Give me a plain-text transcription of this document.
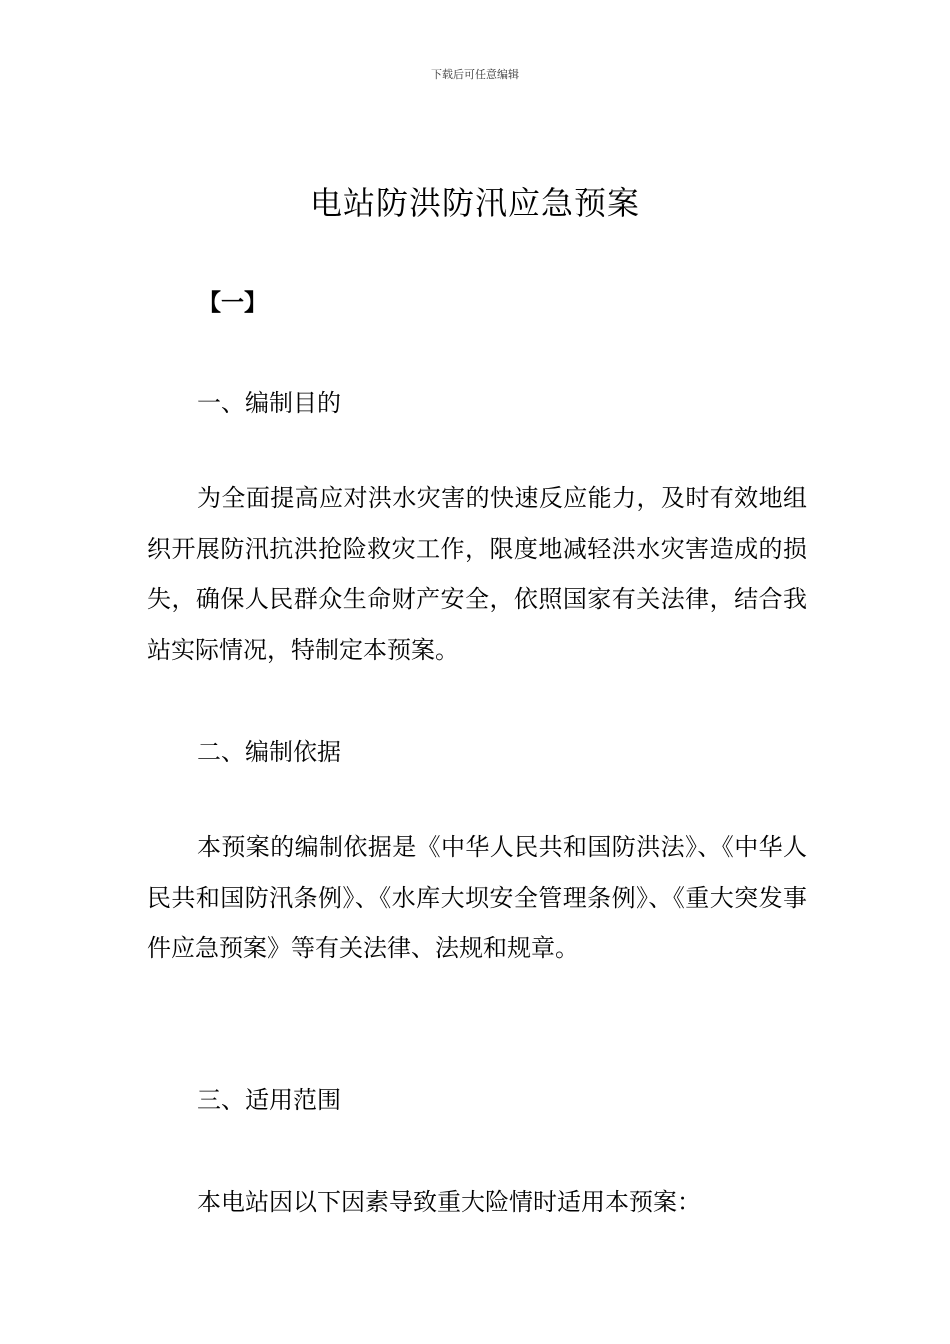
下载后可任意编辑
电站防洪防汛应急预案
【一】
一、编制目的

为全面提高应对洪水灾害的快速反应能力，及时有效地组织开展防汛抗洪抢险救灾工作，限度地减轻洪水灾害造成的损失，确保人民群众生命财产安全，依照国家有关法律，结合我站实际情况，特制定本预案。

二、编制依据

本预案的编制依据是《中华人民共和国防洪法》、《中华人民共和国防汛条例》、《水库大坝安全管理条例》、《重大突发事件应急预案》等有关法律、法规和规章。

三、适用范围

本电站因以下因素导致重大险情时适用本预案：
